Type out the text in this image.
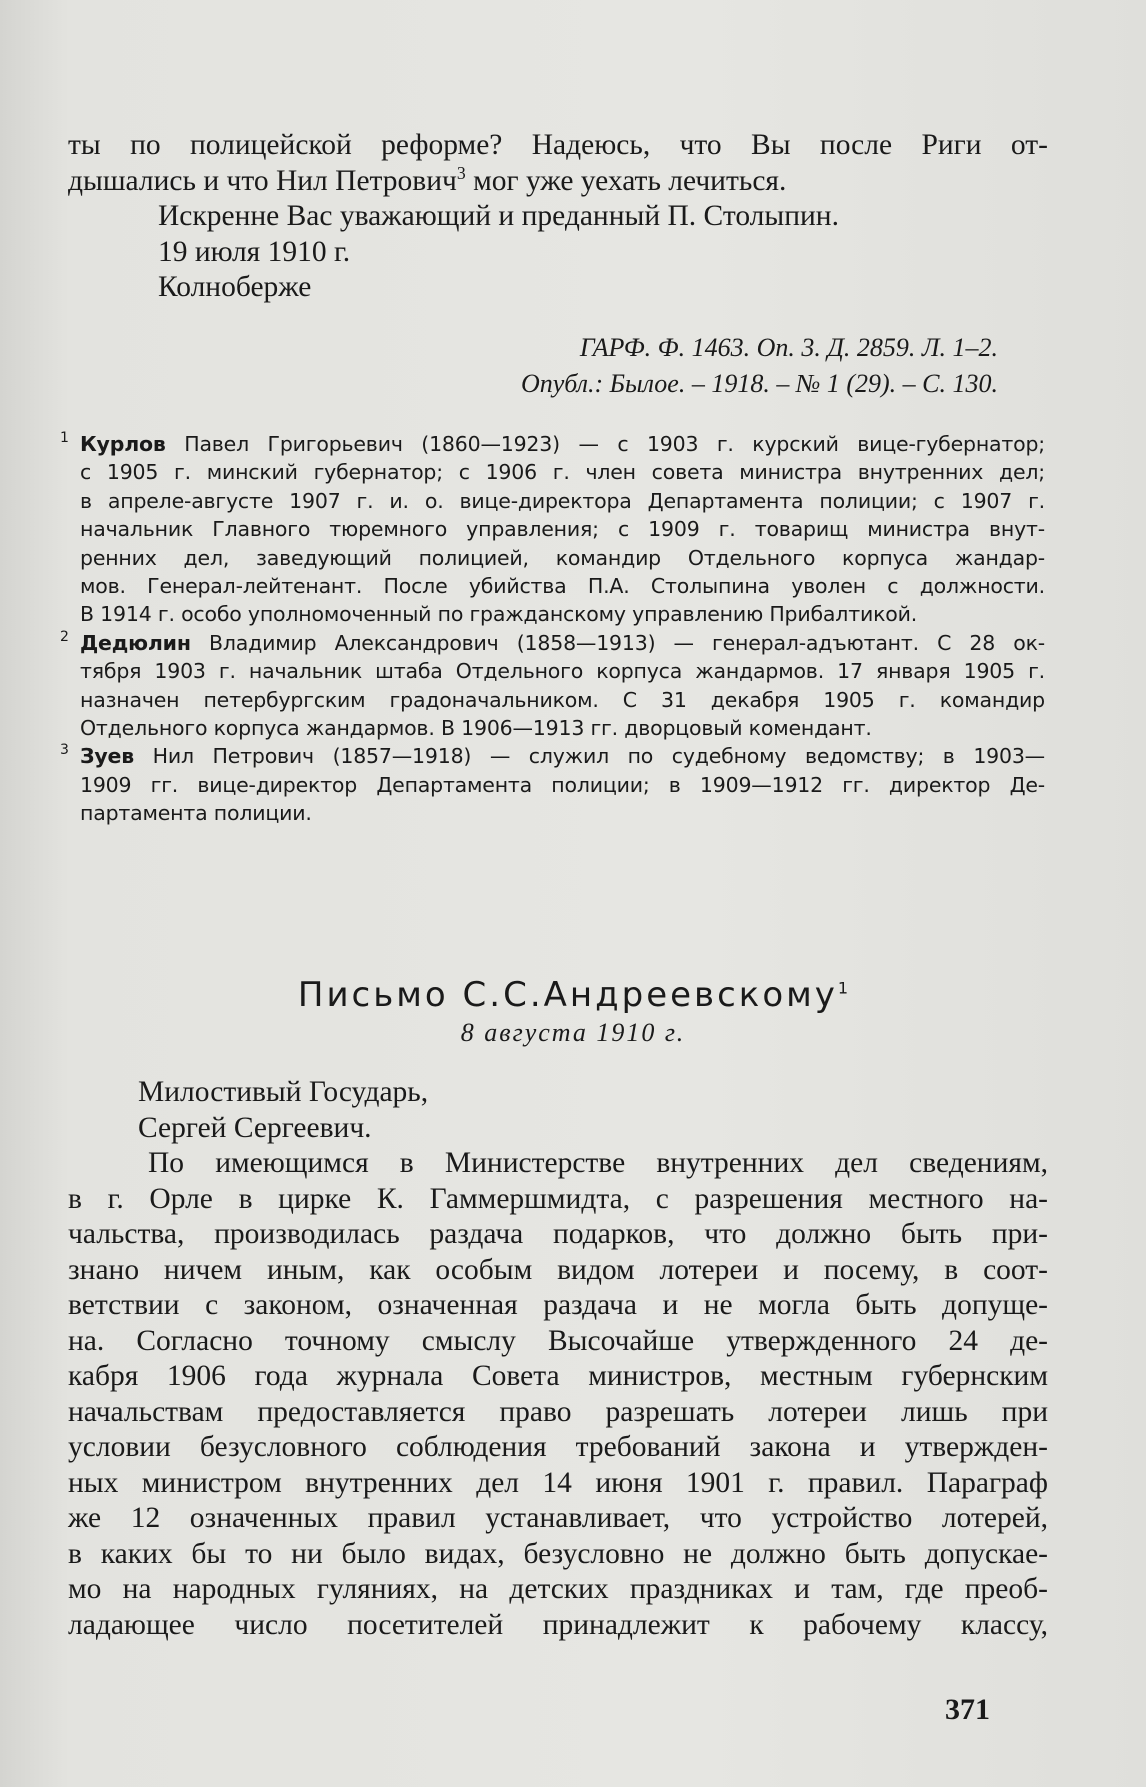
ты по полицейской реформе? Надеюсь, что Вы после Риги от-

дышались и что Нил Петрович$^3$ мог уже уехать лечиться.

Искренне Вас уважающий и преданный П. Столыпин.

19 июля 1910 г.

Колноберже

ГАРФ. Ф. 1463. Оп. 3. Д. 2859. Л. 1–2.

Опубл.: Былое. – 1918. – № 1 (29). – С. 130.

1 Курлов Павел Григорьевич (1860—1923) — с 1903 г. курский вице-губернатор;

с 1905 г. минский губернатор; с 1906 г. член совета министра внутренних дел;

в апреле-августе 1907 г. и. о. вице-директора Департамента полиции; с 1907 г.

начальник Главного тюремного управления; с 1909 г. товарищ министра внут-

ренних дел, заведующий полицией, командир Отдельного корпуса жандар-

мов. Генерал-лейтенант. После убийства П.А. Столыпина уволен с должности.

В 1914 г. особо уполномоченный по гражданскому управлению Прибалтикой.

2 Дедюлин Владимир Александрович (1858—1913) — генерал-адъютант. С 28 ок-

тября 1903 г. начальник штаба Отдельного корпуса жандармов. 17 января 1905 г.

назначен петербургским градоначальником. С 31 декабря 1905 г. командир

Отдельного корпуса жандармов. В 1906—1913 гг. дворцовый комендант.

3 Зуев Нил Петрович (1857—1918) — служил по судебному ведомству; в 1903—

1909 гг. вице-директор Департамента полиции; в 1909—1912 гг. директор Де-

партамента полиции.

Письмо С.С.Андреевскому$^1$

8 августа 1910 г.

Милостивый Государь,

Сергей Сергеевич.

По имеющимся в Министерстве внутренних дел сведениям,

в г. Орле в цирке К. Гаммершмидта, с разрешения местного на-

чальства, производилась раздача подарков, что должно быть при-

знано ничем иным, как особым видом лотереи и посему, в соот-

ветствии с законом, означенная раздача и не могла быть допуще-

на. Согласно точному смыслу Высочайше утвержденного 24 де-

кабря 1906 года журнала Совета министров, местным губернским

начальствам предоставляется право разрешать лотереи лишь при

условии безусловного соблюдения требований закона и утвержден-

ных министром внутренних дел 14 июня 1901 г. правил. Параграф

же 12 означенных правил устанавливает, что устройство лотерей,

в каких бы то ни было видах, безусловно не должно быть допускае-

мо на народных гуляниях, на детских праздниках и там, где преоб-

ладающее число посетителей принадлежит к рабочему классу,

371
